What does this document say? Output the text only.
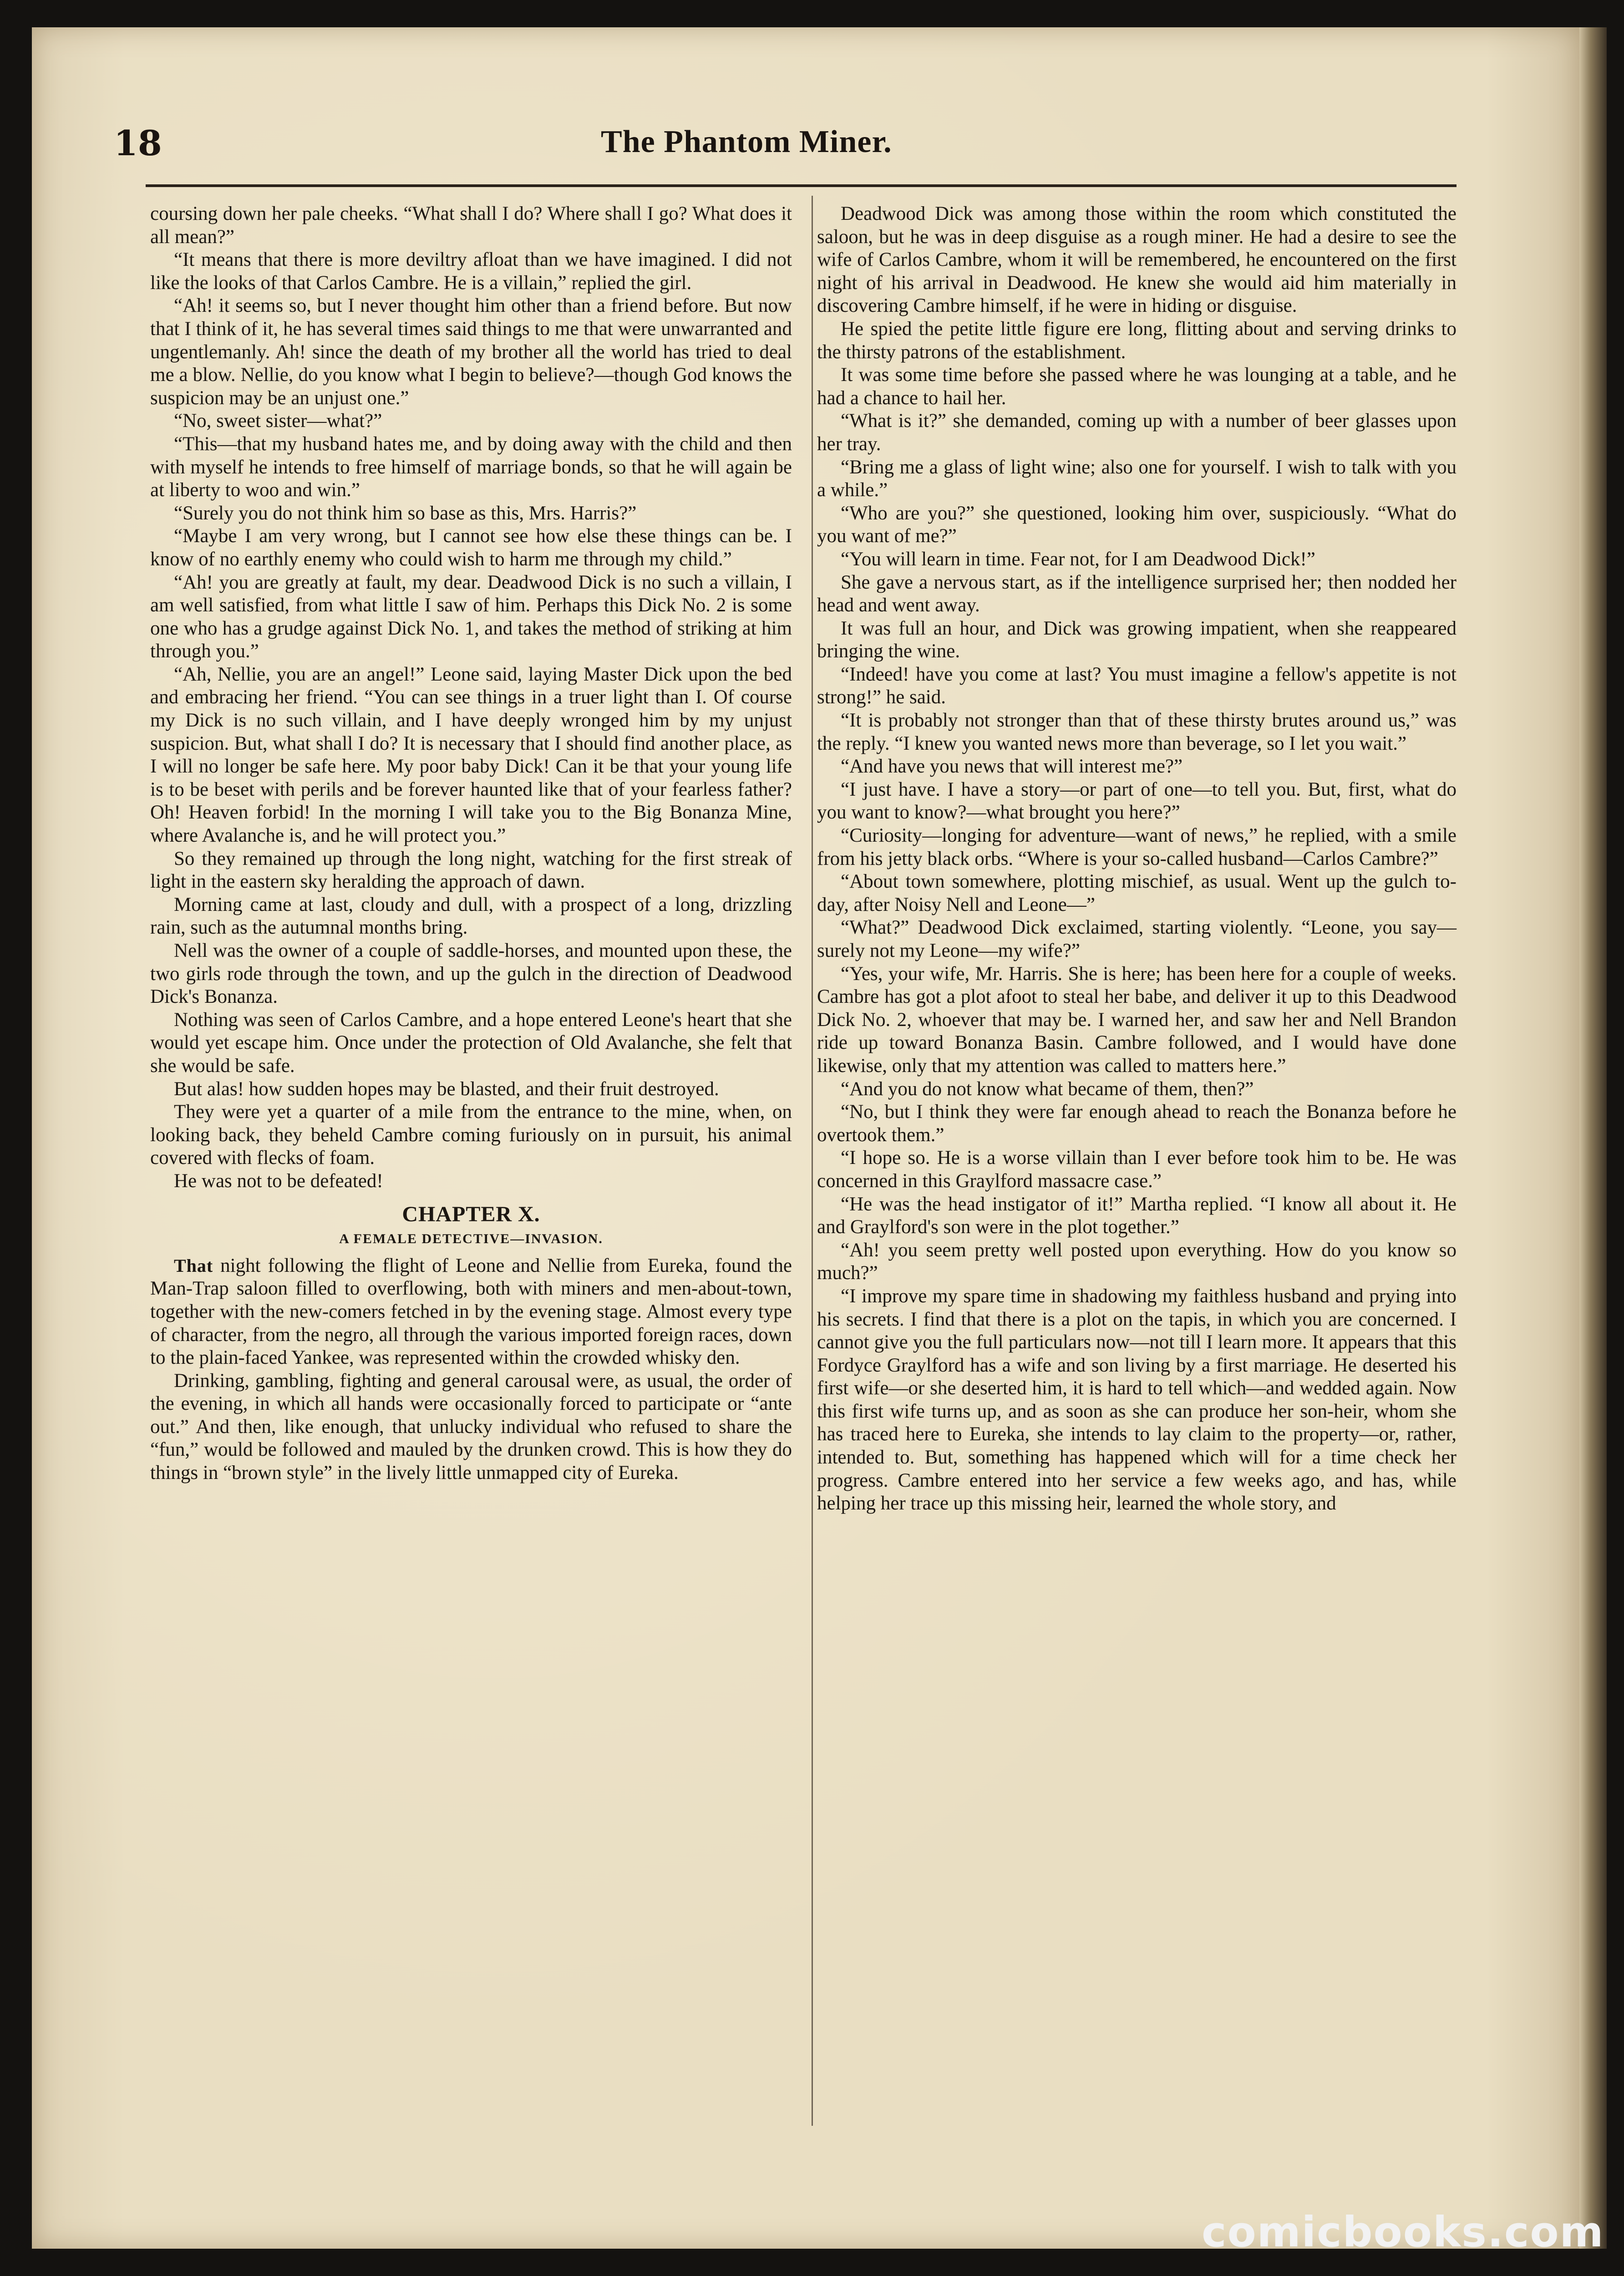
18	The Phantom Miner.

coursing down her pale cheeks. “What shall I do? Where shall I go? What does it all mean?”

“It means that there is more deviltry afloat than we have imagined. I did not like the looks of that Carlos Cambre. He is a villain,” replied the girl.

“Ah! it seems so, but I never thought him other than a friend before. But now that I think of it, he has several times said things to me that were unwarranted and ungentlemanly. Ah! since the death of my brother all the world has tried to deal me a blow. Nellie, do you know what I begin to believe?—though God knows the suspicion may be an unjust one.”

“No, sweet sister—what?”

“This—that my husband hates me, and by doing away with the child and then with myself he intends to free himself of marriage bonds, so that he will again be at liberty to woo and win.”

“Surely you do not think him so base as this, Mrs. Harris?”

“Maybe I am very wrong, but I cannot see how else these things can be. I know of no earthly enemy who could wish to harm me through my child.”

“Ah! you are greatly at fault, my dear. Deadwood Dick is no such a villain, I am well satisfied, from what little I saw of him. Perhaps this Dick No. 2 is some one who has a grudge against Dick No. 1, and takes the method of striking at him through you.”

“Ah, Nellie, you are an angel!” Leone said, laying Master Dick upon the bed and embracing her friend. “You can see things in a truer light than I. Of course my Dick is no such villain, and I have deeply wronged him by my unjust suspicion. But, what shall I do? It is necessary that I should find another place, as I will no longer be safe here. My poor baby Dick! Can it be that your young life is to be beset with perils and be forever haunted like that of your fearless father? Oh! Heaven forbid! In the morning I will take you to the Big Bonanza Mine, where Avalanche is, and he will protect you.”

So they remained up through the long night, watching for the first streak of light in the eastern sky heralding the approach of dawn.

Morning came at last, cloudy and dull, with a prospect of a long, drizzling rain, such as the autumnal months bring.

Nell was the owner of a couple of saddle-horses, and mounted upon these, the two girls rode through the town, and up the gulch in the direction of Deadwood Dick's Bonanza.

Nothing was seen of Carlos Cambre, and a hope entered Leone's heart that she would yet escape him. Once under the protection of Old Avalanche, she felt that she would be safe.

But alas! how sudden hopes may be blasted, and their fruit destroyed.

They were yet a quarter of a mile from the entrance to the mine, when, on looking back, they beheld Cambre coming furiously on in pursuit, his animal covered with flecks of foam.

He was not to be defeated!

CHAPTER X.
A FEMALE DETECTIVE—INVASION.

That night following the flight of Leone and Nellie from Eureka, found the Man-Trap saloon filled to overflowing, both with miners and men-about-town, together with the new-comers fetched in by the evening stage. Almost every type of character, from the negro, all through the various imported foreign races, down to the plain-faced Yankee, was represented within the crowded whisky den.

Drinking, gambling, fighting and general carousal were, as usual, the order of the evening, in which all hands were occasionally forced to participate or “ante out.” And then, like enough, that unlucky individual who refused to share the “fun,” would be followed and mauled by the drunken crowd. This is how they do things in “brown style” in the lively little unmapped city of Eureka.

Deadwood Dick was among those within the room which constituted the saloon, but he was in deep disguise as a rough miner. He had a desire to see the wife of Carlos Cambre, whom it will be remembered, he encountered on the first night of his arrival in Deadwood. He knew she would aid him materially in discovering Cambre himself, if he were in hiding or disguise.

He spied the petite little figure ere long, flitting about and serving drinks to the thirsty patrons of the establishment.

It was some time before she passed where he was lounging at a table, and he had a chance to hail her.

“What is it?” she demanded, coming up with a number of beer glasses upon her tray.

“Bring me a glass of light wine; also one for yourself. I wish to talk with you a while.”

“Who are you?” she questioned, looking him over, suspiciously. “What do you want of me?”

“You will learn in time. Fear not, for I am Deadwood Dick!”

She gave a nervous start, as if the intelligence surprised her; then nodded her head and went away.

It was full an hour, and Dick was growing impatient, when she reappeared bringing the wine.

“Indeed! have you come at last? You must imagine a fellow's appetite is not strong!” he said.

“It is probably not stronger than that of these thirsty brutes around us,” was the reply. “I knew you wanted news more than beverage, so I let you wait.”

“And have you news that will interest me?”

“I just have. I have a story—or part of one—to tell you. But, first, what do you want to know?—what brought you here?”

“Curiosity—longing for adventure—want of news,” he replied, with a smile from his jetty black orbs. “Where is your so-called husband—Carlos Cambre?”

“About town somewhere, plotting mischief, as usual. Went up the gulch to-day, after Noisy Nell and Leone—”

“What?” Deadwood Dick exclaimed, starting violently. “Leone, you say—surely not my Leone—my wife?”

“Yes, your wife, Mr. Harris. She is here; has been here for a couple of weeks. Cambre has got a plot afoot to steal her babe, and deliver it up to this Deadwood Dick No. 2, whoever that may be. I warned her, and saw her and Nell Brandon ride up toward Bonanza Basin. Cambre followed, and I would have done likewise, only that my attention was called to matters here.”

“And you do not know what became of them, then?”

“No, but I think they were far enough ahead to reach the Bonanza before he overtook them.”

“I hope so. He is a worse villain than I ever before took him to be. He was concerned in this Graylford massacre case.”

“He was the head instigator of it!” Martha replied. “I know all about it. He and Graylford's son were in the plot together.”

“Ah! you seem pretty well posted upon everything. How do you know so much?”

“I improve my spare time in shadowing my faithless husband and prying into his secrets. I find that there is a plot on the tapis, in which you are concerned. I cannot give you the full particulars now—not till I learn more. It appears that this Fordyce Graylford has a wife and son living by a first marriage. He deserted his first wife—or she deserted him, it is hard to tell which—and wedded again. Now this first wife turns up, and as soon as she can produce her son-heir, whom she has traced here to Eureka, she intends to lay claim to the property—or, rather, intended to. But, something has happened which will for a time check her progress. Cambre entered into her service a few weeks ago, and has, while helping her trace up this missing heir, learned the whole story, and

comicbooks.com
